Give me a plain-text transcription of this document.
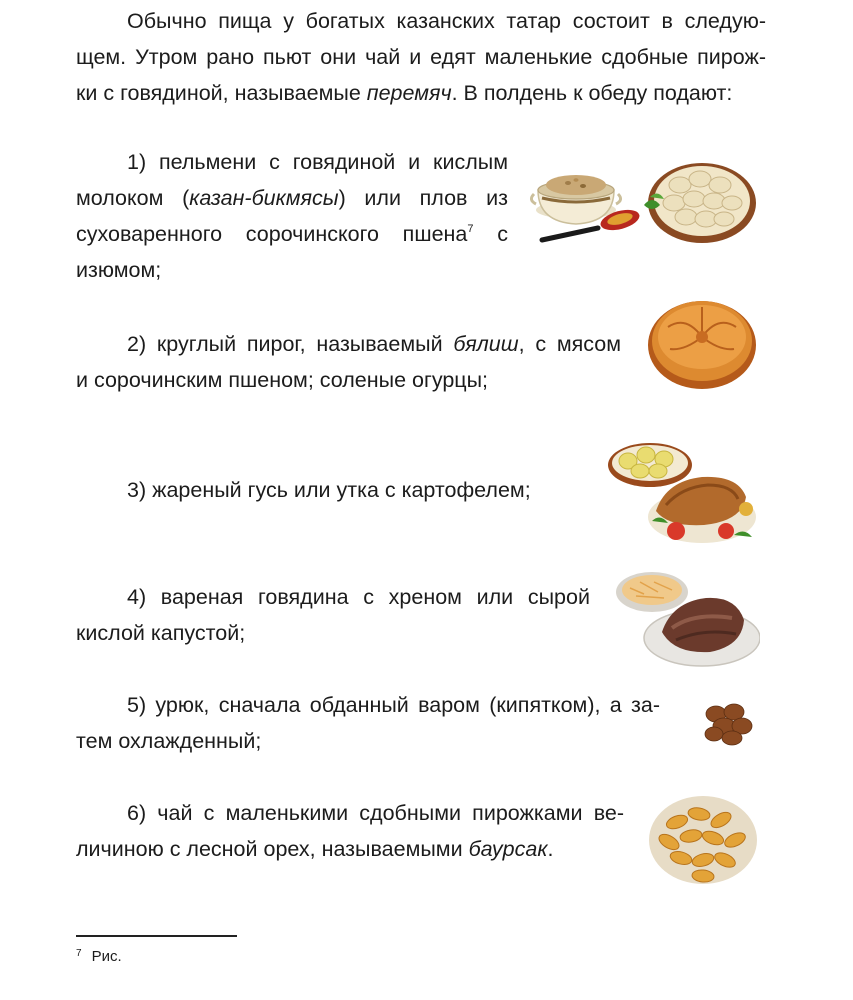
Обычно пища у богатых казанских татар состоит в следую-
щем. Утром рано пьют они чай и едят маленькие сдобные пирож-
ки с говядиной, называемые перемяч. В полдень к обеду подают:
1) пельмени с говядиной и кислым
молоком (казан-бикмясы) или плов из
суховаренного сорочинского пшена$^7$ с
изюмом;
2) круглый пирог, называемый бялиш, с мясом
и сорочинским пшеном; соленые огурцы;
3) жареный гусь или утка с картофелем;
4) вареная говядина с хреном или сырой
кислой капустой;
5) урюк, сначала обданный варом (кипятком), а за-
тем охлажденный;
6) чай с маленькими сдобными пирожками ве-
личиною с лесной орех, называемыми баурсак.
$^7$ Рис.
